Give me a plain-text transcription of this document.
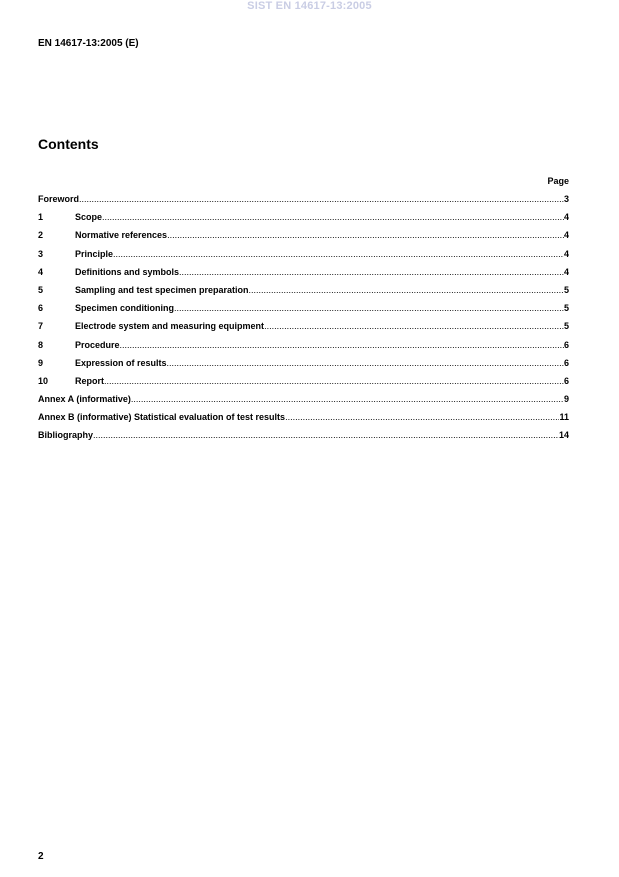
SIST EN 14617-13:2005
EN 14617-13:2005 (E)
Contents
Page
Foreword .....	3
1	Scope .....	4
2	Normative references .....	4
3	Principle .....	4
4	Definitions and symbols .....	4
5	Sampling and test specimen preparation .....	5
6	Specimen conditioning .....	5
7	Electrode system and measuring equipment .....	5
8	Procedure .....	6
9	Expression of results .....	6
10	Report .....	6
Annex A (informative) .....	9
Annex B (informative) Statistical evaluation of test results .....	11
Bibliography .....	14
2
